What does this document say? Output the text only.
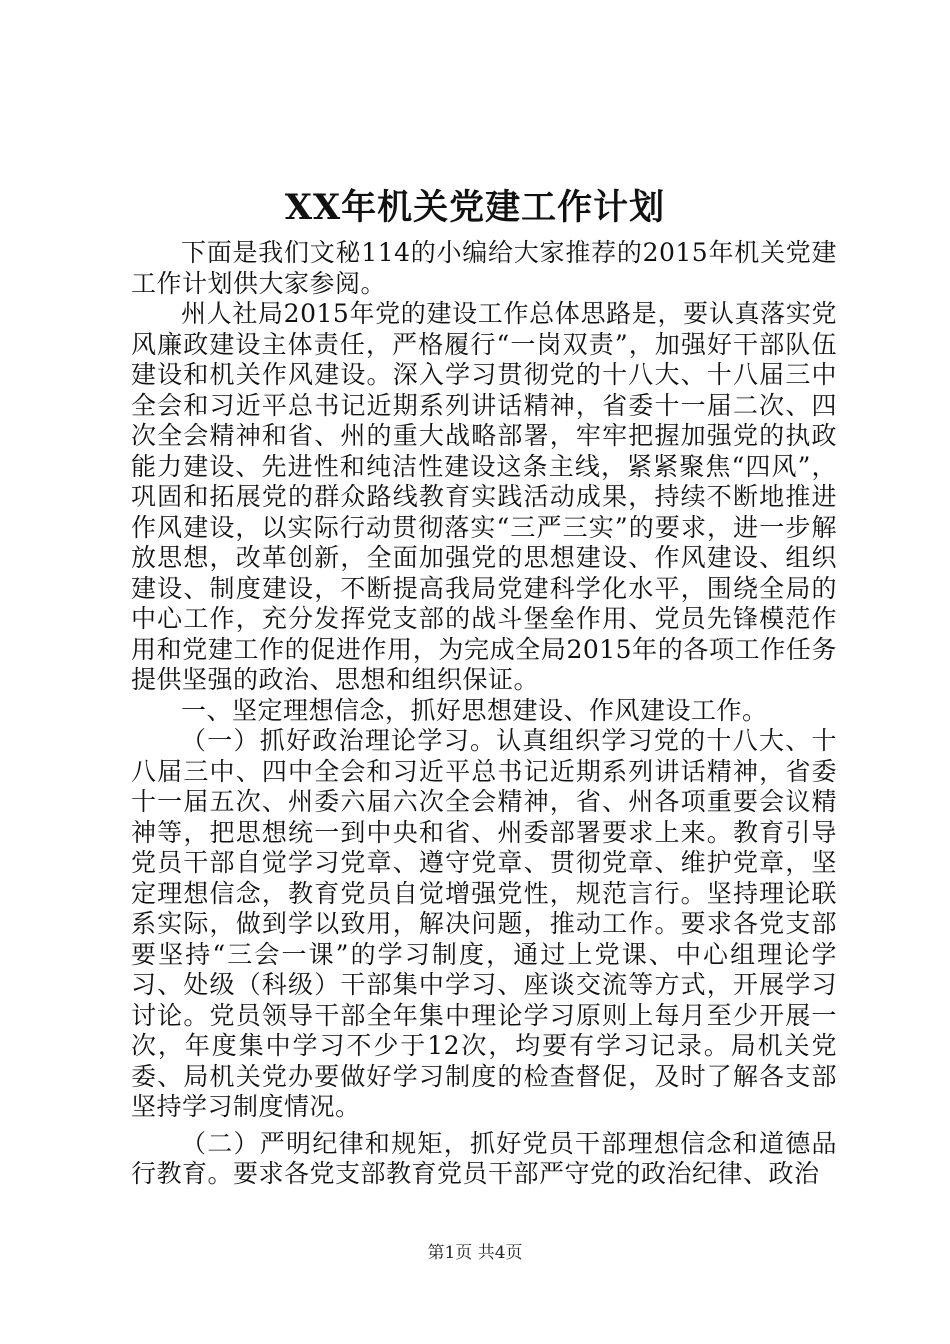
XX年机关党建工作计划

下面是我们文秘114的小编给大家推荐的2015年机关党建工作计划供大家参阅。

州人社局2015年党的建设工作总体思路是，要认真落实党风廉政建设主体责任，严格履行“一岗双责”，加强好干部队伍建设和机关作风建设。深入学习贯彻党的十八大、十八届三中全会和习近平总书记近期系列讲话精神，省委十一届二次、四次全会精神和省、州的重大战略部署，牢牢把握加强党的执政能力建设、先进性和纯洁性建设这条主线，紧紧聚焦“四风”，巩固和拓展党的群众路线教育实践活动成果，持续不断地推进作风建设，以实际行动贯彻落实“三严三实”的要求，进一步解放思想，改革创新，全面加强党的思想建设、作风建设、组织建设、制度建设，不断提高我局党建科学化水平，围绕全局的中心工作，充分发挥党支部的战斗堡垒作用、党员先锋模范作用和党建工作的促进作用，为完成全局2015年的各项工作任务提供坚强的政治、思想和组织保证。

一、坚定理想信念，抓好思想建设、作风建设工作。

（一）抓好政治理论学习。认真组织学习党的十八大、十八届三中、四中全会和习近平总书记近期系列讲话精神，省委十一届五次、州委六届六次全会精神，省、州各项重要会议精神等，把思想统一到中央和省、州委部署要求上来。教育引导党员干部自觉学习党章、遵守党章、贯彻党章、维护党章，坚定理想信念，教育党员自觉增强党性，规范言行。坚持理论联系实际，做到学以致用，解决问题，推动工作。要求各党支部要坚持“三会一课”的学习制度，通过上党课、中心组理论学习、处级（科级）干部集中学习、座谈交流等方式，开展学习讨论。党员领导干部全年集中理论学习原则上每月至少开展一次，年度集中学习不少于12次，均要有学习记录。局机关党委、局机关党办要做好学习制度的检查督促，及时了解各支部坚持学习制度情况。

（二）严明纪律和规矩，抓好党员干部理想信念和道德品行教育。要求各党支部教育党员干部严守党的政治纪律、政治

第1页 共4页
